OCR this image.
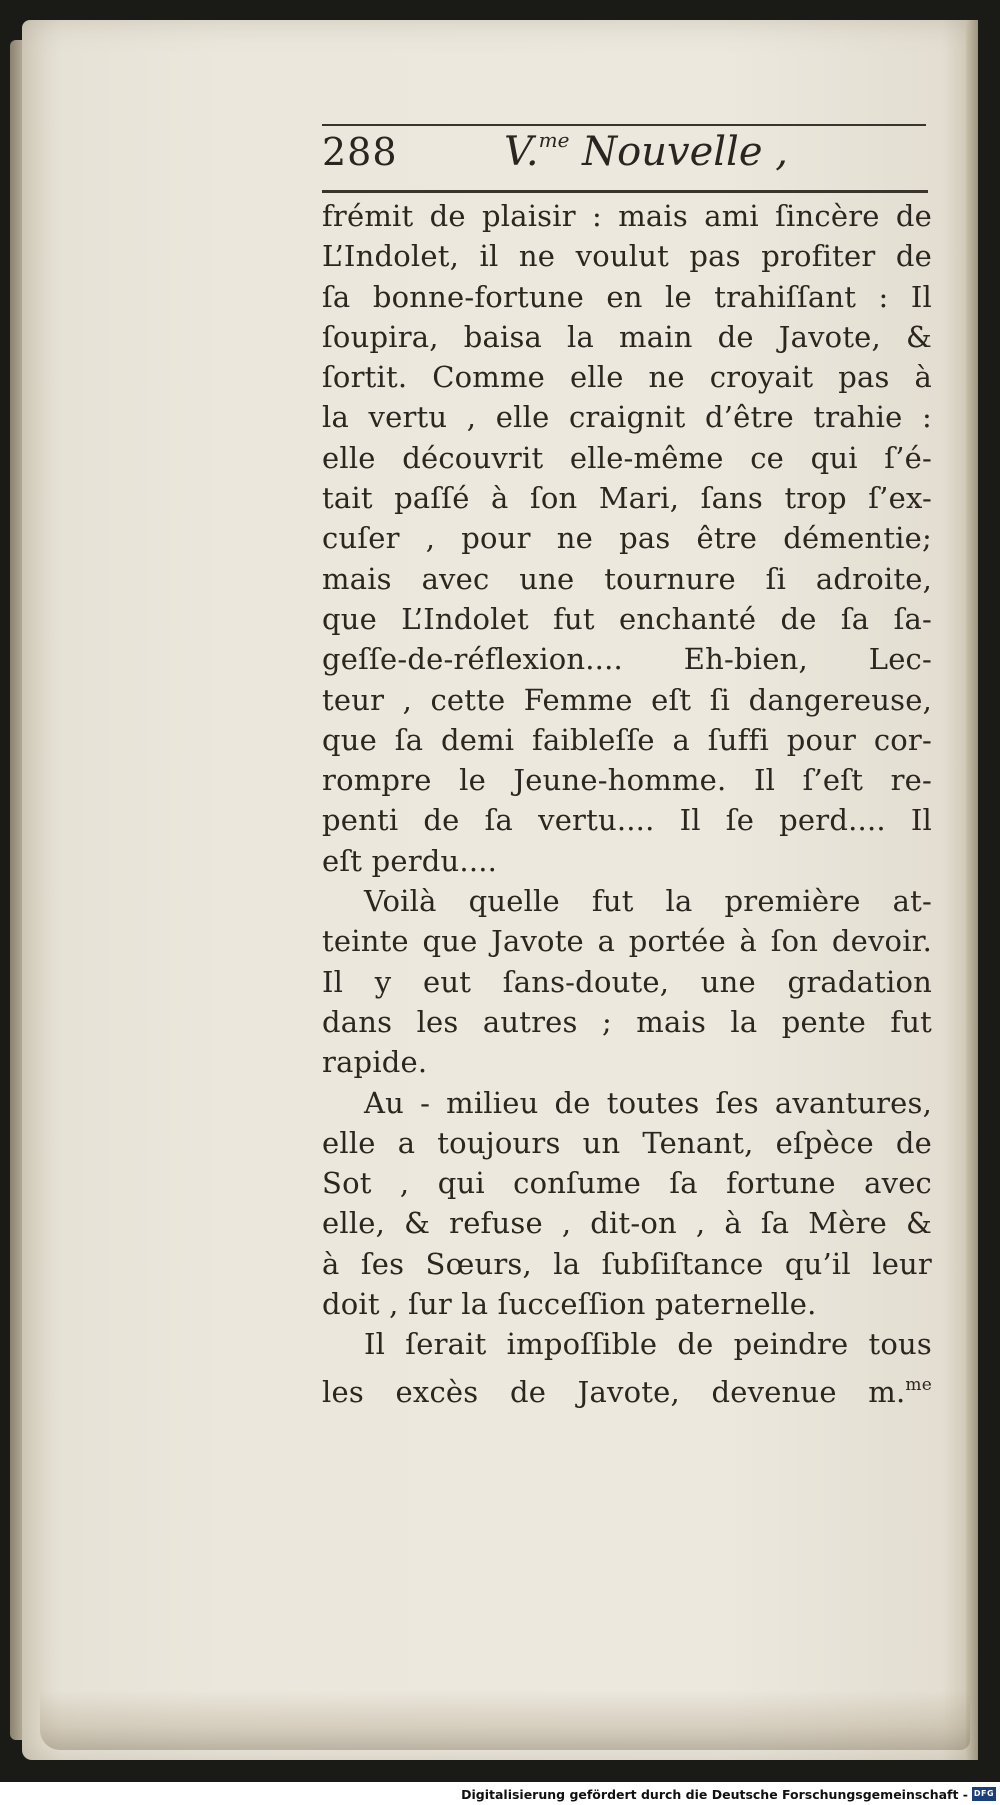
288	V.$^{me}$ Nouvelle ,
frémit de plaisir : mais ami ſincère de
L’Indolet, il ne voulut pas profiter de
ſa bonne-fortune en le trahiſſant : Il
ſoupira, baisa la main de Javote, &
ſortit. Comme elle ne croyait pas à
la vertu , elle craignit d’être trahie :
elle découvrit elle-même ce qui ſ’é-
tait paſſé à ſon Mari, ſans trop ſ’ex-
cuſer , pour ne pas être démentie;
mais avec une tournure ſi adroite,
que L’Indolet fut enchanté de ſa ſa-
geſſe-de-réflexion.... Eh-bien, Lec-
teur , cette Femme eſt ſi dangereuse,
que ſa demi faibleſſe a ſuffi pour cor-
rompre le Jeune-homme. Il ſ’eſt re-
penti de ſa vertu.... Il ſe perd.... Il
eſt perdu....
Voilà quelle fut la première at-
teinte que Javote a portée à ſon devoir.
Il y eut ſans-doute, une gradation
dans les autres ; mais la pente fut
rapide.
Au - milieu de toutes ſes avantures,
elle a toujours un Tenant, eſpèce de
Sot , qui conſume ſa fortune avec
elle, & refuse , dit-on , à ſa Mère &
à ſes Sœurs, la ſubſiſtance qu’il leur
doit , ſur la ſucceſſion paternelle.
Il ſerait impoſſible de peindre tous
les excès de Javote, devenue m.$^{me}$
Digitalisierung gefördert durch die Deutsche Forschungsgemeinschaft - DFG
